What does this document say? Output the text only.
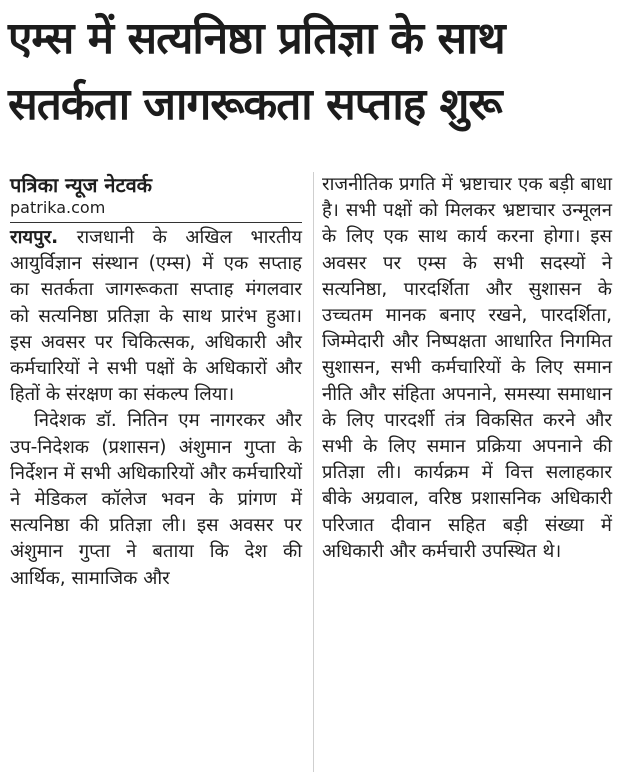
एम्स में सत्यनिष्ठा प्रतिज्ञा के साथ
सतर्कता जागरूकता सप्ताह शुरू

पत्रिका न्यूज नेटवर्क

patrika.com

रायपुर. राजधानी के अखिल भारतीय आयुर्विज्ञान संस्थान (एम्स) में एक सप्ताह का सतर्कता जागरूकता सप्ताह मंगलवार को सत्यनिष्ठा प्रतिज्ञा के साथ प्रारंभ हुआ। इस अवसर पर चिकित्सक, अधिकारी और कर्मचारियों ने सभी पक्षों के अधिकारों और हितों के संरक्षण का संकल्प लिया।

निदेशक डॉ. नितिन एम नागरकर और उप-निदेशक (प्रशासन) अंशुमान गुप्ता के निर्देशन में सभी अधिकारियों और कर्मचारियों ने मेडिकल कॉलेज भवन के प्रांगण में सत्यनिष्ठा की प्रतिज्ञा ली। इस अवसर पर अंशुमान गुप्ता ने बताया कि देश की आर्थिक, सामाजिक और

राजनीतिक प्रगति में भ्रष्टाचार एक बड़ी बाधा है। सभी पक्षों को मिलकर भ्रष्टाचार उन्मूलन के लिए एक साथ कार्य करना होगा। इस अवसर पर एम्स के सभी सदस्यों ने सत्यनिष्ठा, पारदर्शिता और सुशासन के उच्चतम मानक बनाए रखने, पारदर्शिता, जिम्मेदारी और निष्पक्षता आधारित निगमित सुशासन, सभी कर्मचारियों के लिए समान नीति और संहिता अपनाने, समस्या समाधान के लिए पारदर्शी तंत्र विकसित करने और सभी के लिए समान प्रक्रिया अपनाने की प्रतिज्ञा ली। कार्यक्रम में वित्त सलाहकार बीके अग्रवाल, वरिष्ठ प्रशासनिक अधिकारी परिजात दीवान सहित बड़ी संख्या में अधिकारी और कर्मचारी उपस्थित थे।
